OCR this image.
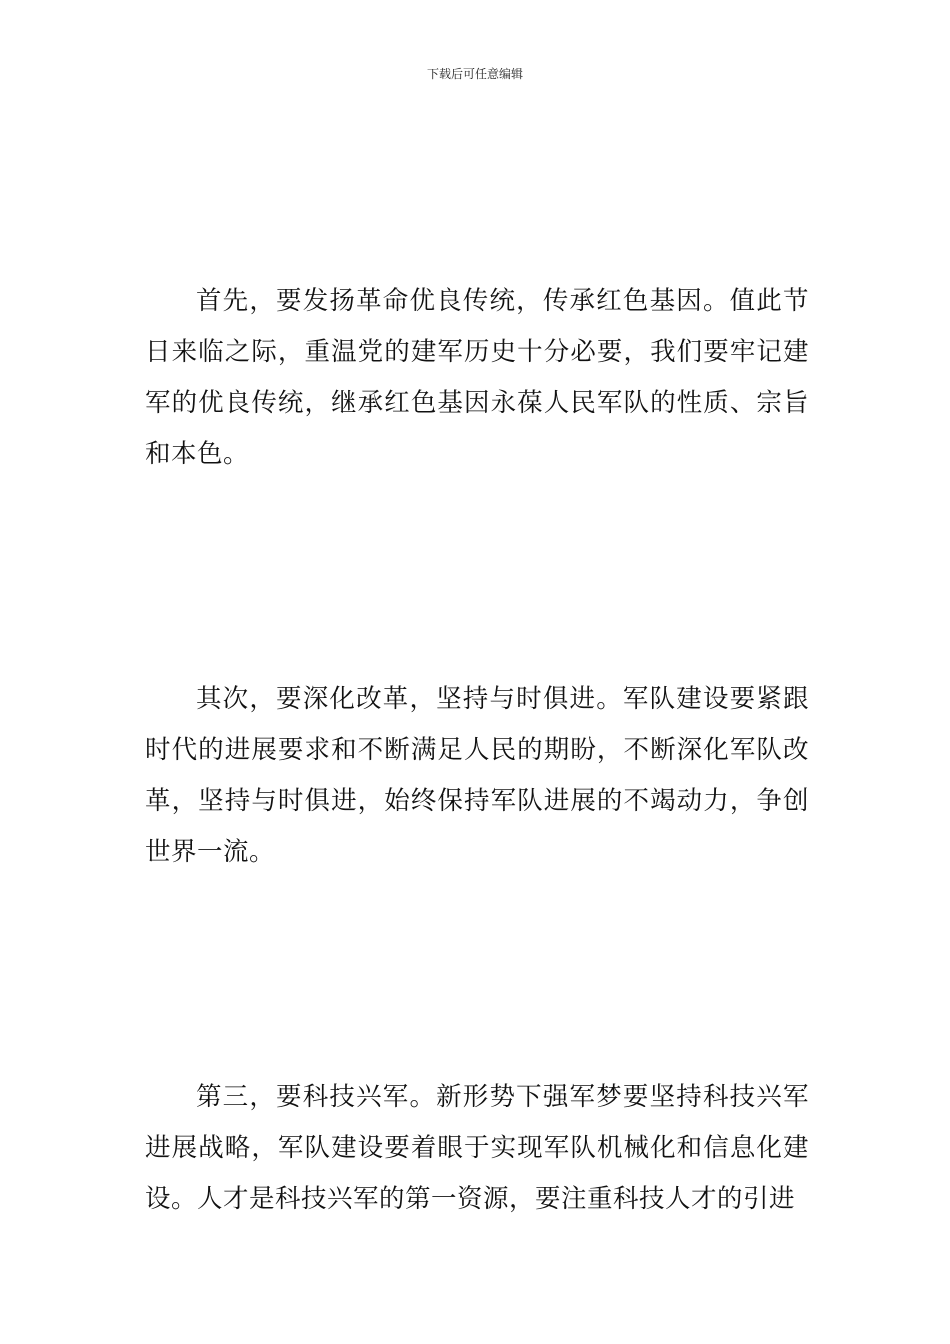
下载后可任意编辑

首先，要发扬革命优良传统，传承红色基因。值此节日来临之际，重温党的建军历史十分必要，我们要牢记建军的优良传统，继承红色基因永葆人民军队的性质、宗旨和本色。

其次，要深化改革，坚持与时俱进。军队建设要紧跟时代的进展要求和不断满足人民的期盼，不断深化军队改革，坚持与时俱进，始终保持军队进展的不竭动力，争创世界一流。

第三，要科技兴军。新形势下强军梦要坚持科技兴军进展战略，军队建设要着眼于实现军队机械化和信息化建设。人才是科技兴军的第一资源，要注重科技人才的引进
